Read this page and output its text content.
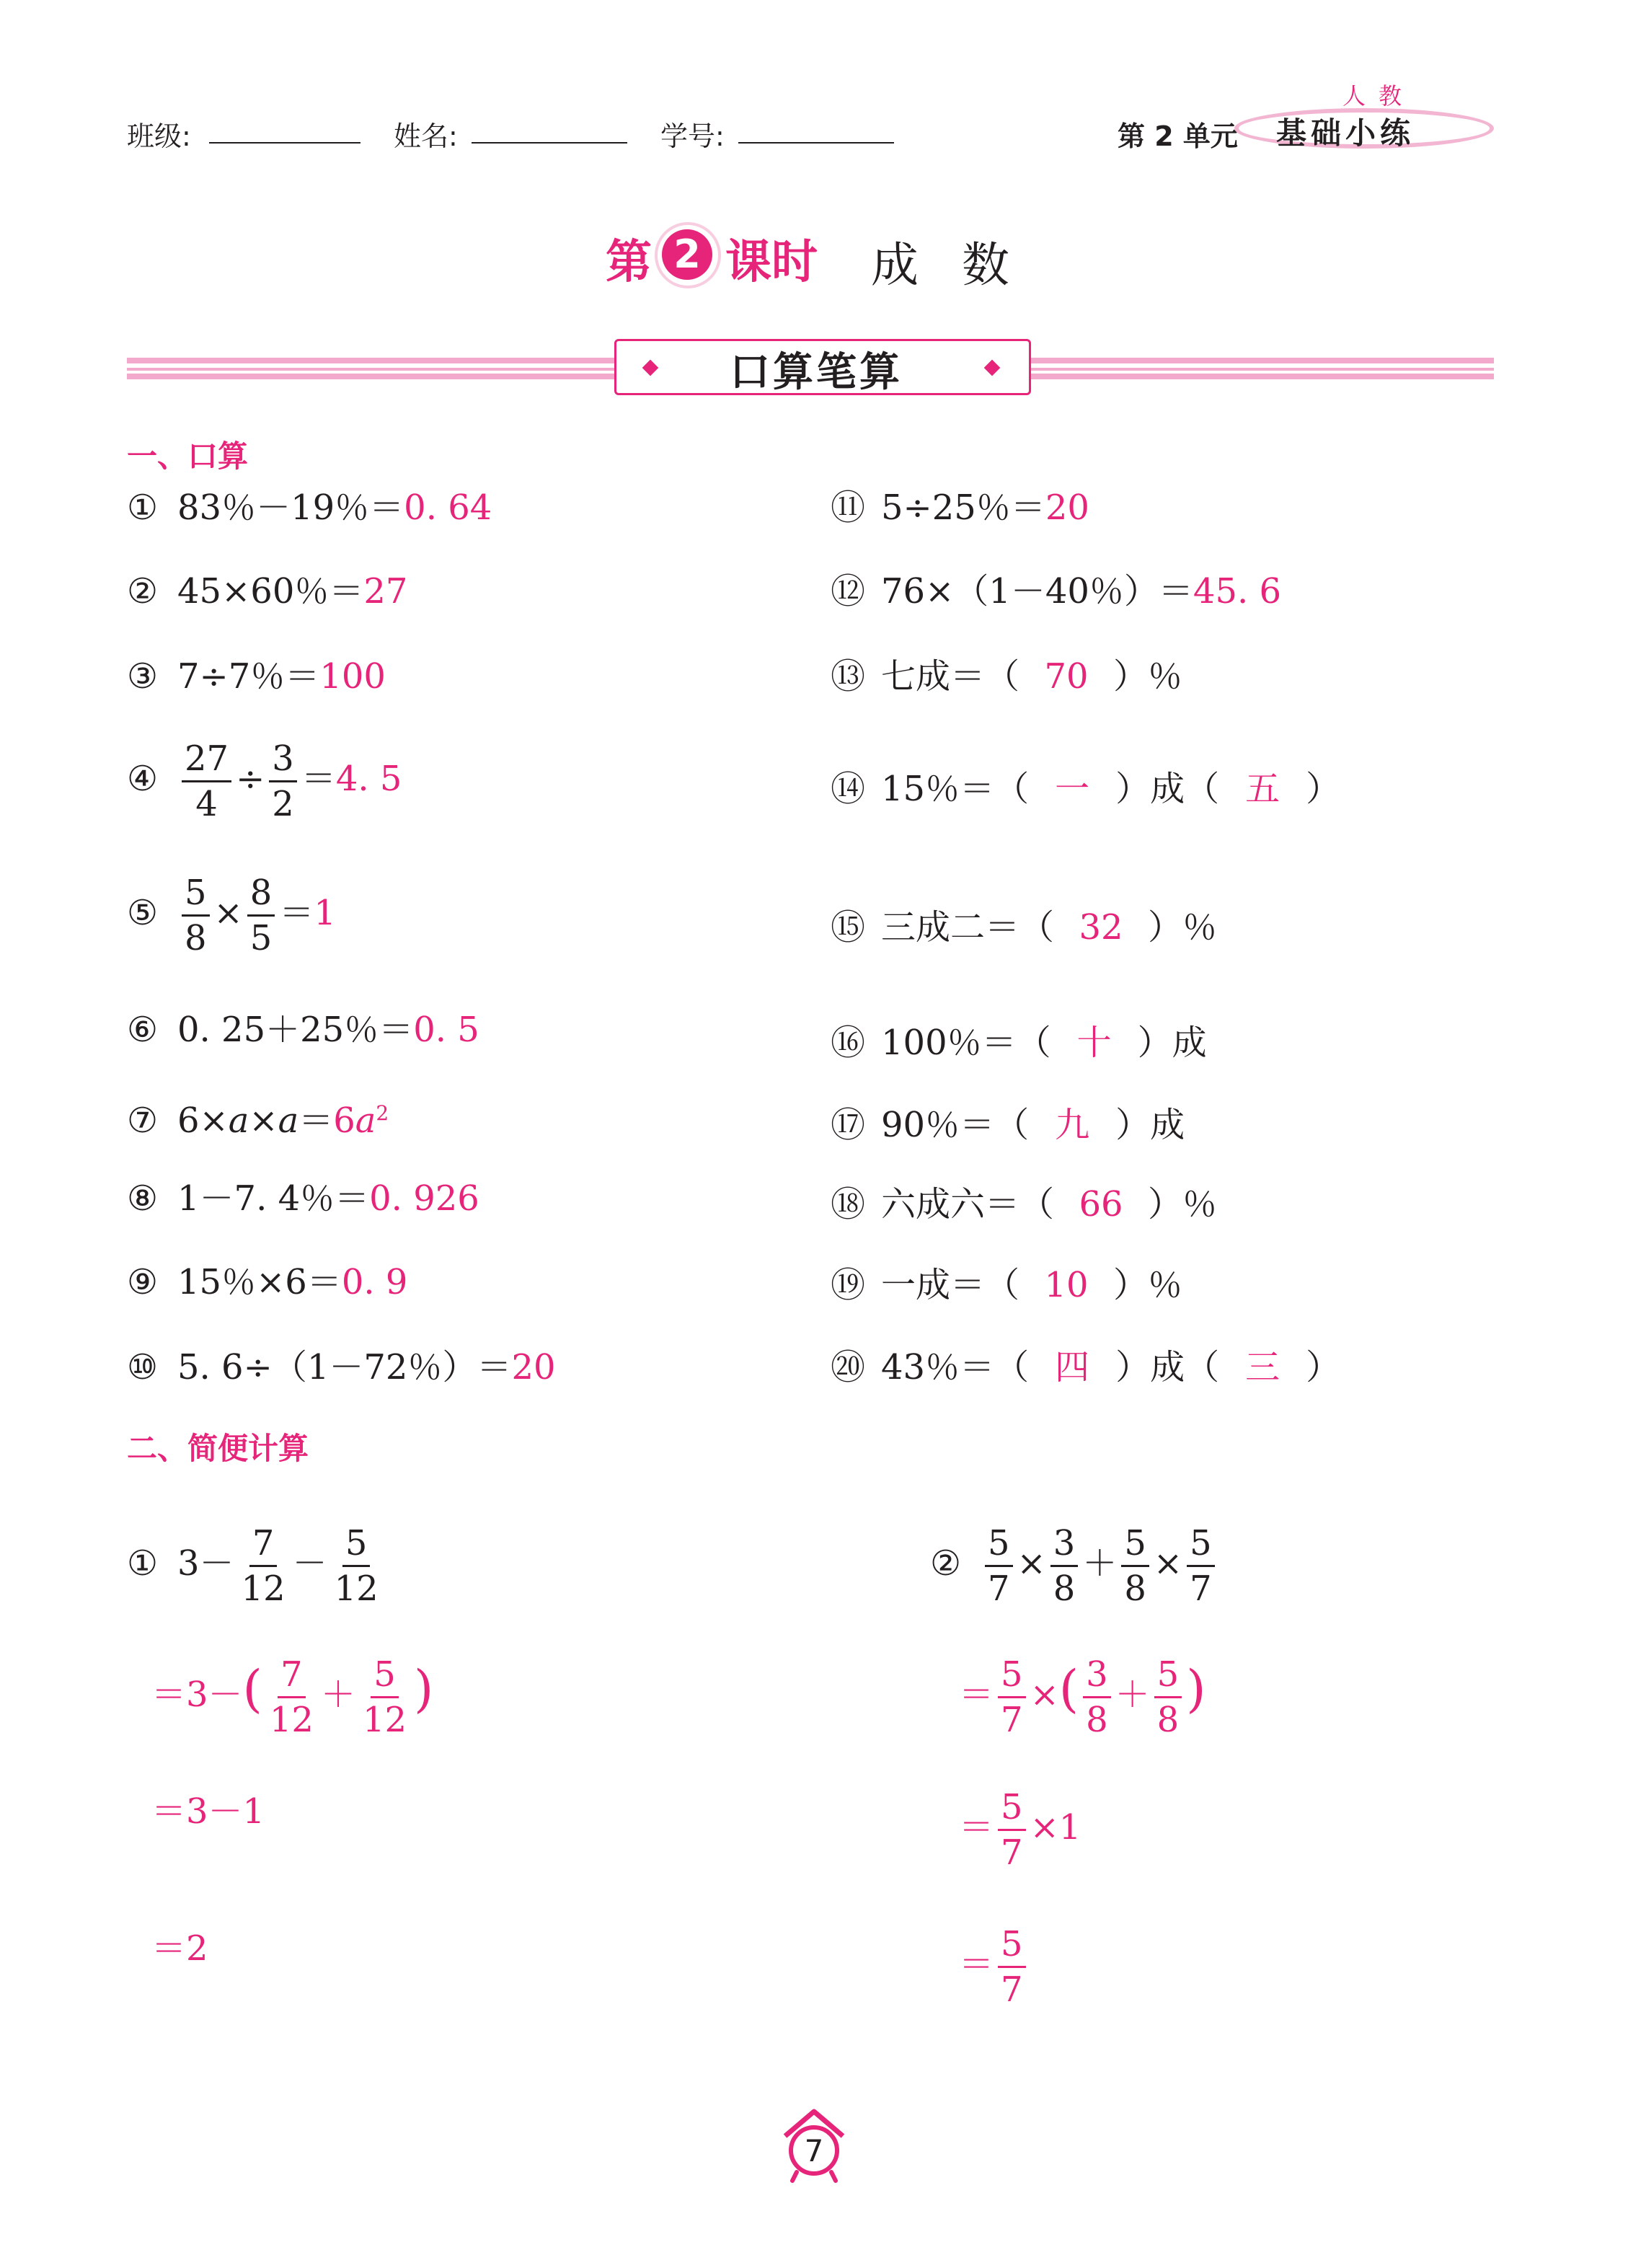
班级:	姓名:	学号:	第 2 单元
人教
基础小练
第 2 课时 成数
口算笔算
一、口算
① 83％－19％＝0. 64
② 45×60％＝27
③ 7÷7％＝100
④ $\frac{27}{4} \div \frac{3}{2} =4$. 5
⑤ $\frac{5}{8} \times \frac{8}{5} =1$
⑥ 0. 25＋25％＝0. 5
⑦ $6\times a\times a=6a^2$
⑧ 1－7. 4％＝0. 926
⑨ 15％×6＝0. 9
⑩ 5. 6÷（1－72％）＝20
⑪ 5÷25％＝20
⑫ 76×（1－40％）＝45. 6
⑬ 七成＝（ 70 ）％
⑭ 15％＝（ 一 ）成（ 五 ）
⑮ 三成二＝（ 32 ）％
⑯ 100％＝（ 十 ）成
⑰ 90％＝（ 九 ）成
⑱ 六成六＝（ 66 ）％
⑲ 一成＝（ 10 ）％
⑳ 43％＝（ 四 ）成（ 三 ）
二、简便计算
① $3- \frac{7}{12} - \frac{5}{12}$
$=3-( \frac{7}{12} + \frac{5}{12}$ )
＝3－1
＝2
② $\frac{5}{7} \times \frac{3}{8} + \frac{5}{8} \times \frac{5}{7}$
＝ $\frac{5}{7}$ ×( $\frac{3}{8} + \frac{5}{8}$ )
＝ $\frac{5}{7} \times 1$
＝ $\frac{5}{7}$
7
